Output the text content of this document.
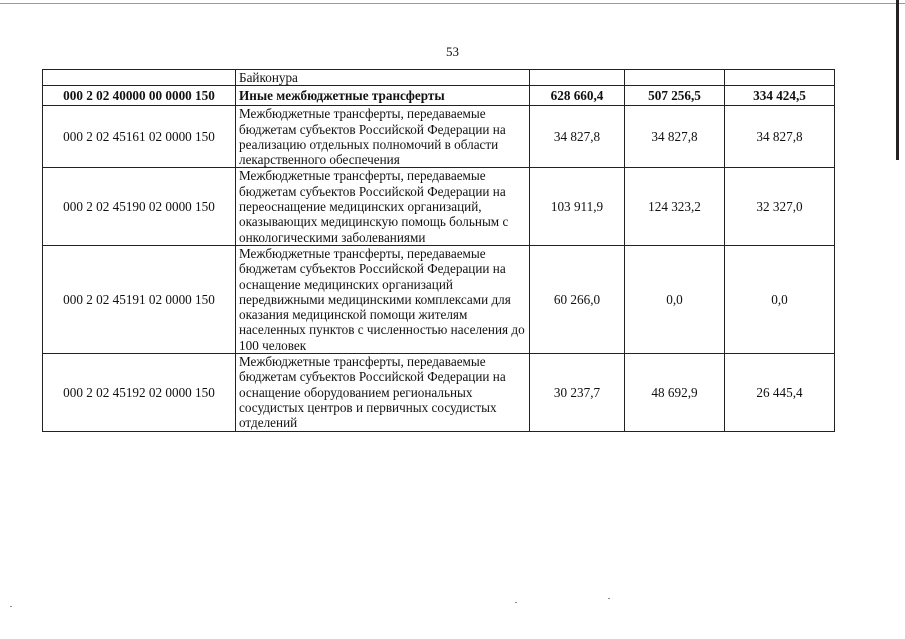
53
	Байконура			
000 2 02 40000 00 0000 150	Иные межбюджетные трансферты	628 660,4	507 256,5	334 424,5
000 2 02 45161 02 0000 150	Межбюджетные трансферты, передаваемые бюджетам субъектов Российской Федерации на реализацию отдельных полномочий в области лекарственного обеспечения	34 827,8	34 827,8	34 827,8
000 2 02 45190 02 0000 150	Межбюджетные трансферты, передаваемые бюджетам субъектов Российской Федерации на переоснащение медицинских организаций, оказывающих медицинскую помощь больным с онкологическими заболеваниями	103 911,9	124 323,2	32 327,0
000 2 02 45191 02 0000 150	Межбюджетные трансферты, передаваемые бюджетам субъектов Российской Федерации на оснащение медицинских организаций передвижными медицинскими комплексами для оказания медицинской помощи жителям населенных пунктов с численностью населения до 100 человек	60 266,0	0,0	0,0
000 2 02 45192 02 0000 150	Межбюджетные трансферты, передаваемые бюджетам субъектов Российской Федерации на оснащение оборудованием региональных сосудистых центров и первичных сосудистых отделений	30 237,7	48 692,9	26 445,4
